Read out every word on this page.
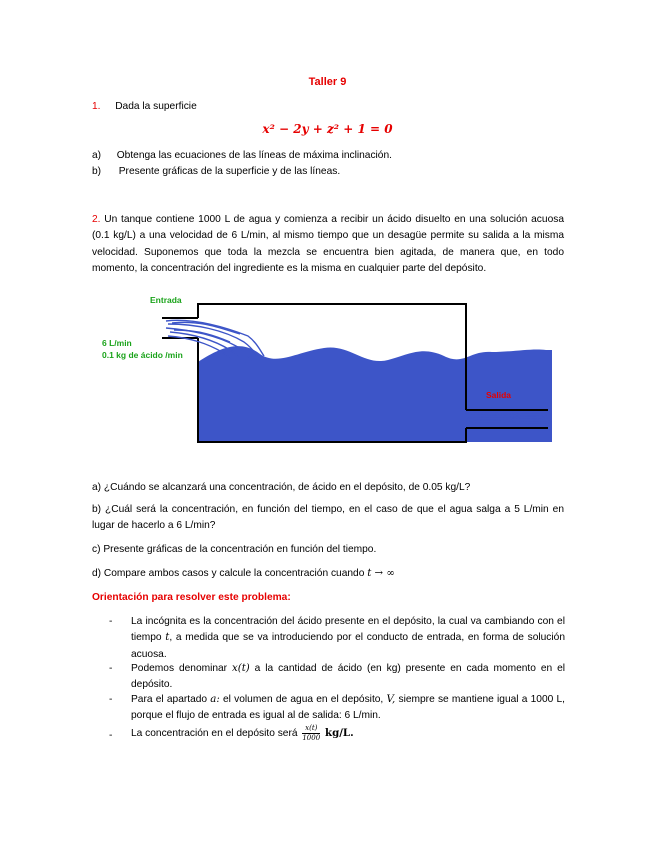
Taller 9
1. Dada la superficie
x² − 2y + z² + 1 = 0
a) Obtenga las ecuaciones de las líneas de máxima inclinación.
b) Presente gráficas de la superficie y de las líneas.
2. Un tanque contiene 1000 L de agua y comienza a recibir un ácido disuelto en una solución acuosa (0.1 kg/L) a una velocidad de 6 L/min, al mismo tiempo que un desagüe permite su salida a la misma velocidad. Suponemos que toda la mezcla se encuentra bien agitada, de manera que, en todo momento, la concentración del ingrediente es la misma en cualquier parte del depósito.
Entrada
6 L/min
0.1 kg de ácido /min
Salida
a) ¿Cuándo se alcanzará una concentración, de ácido en el depósito, de 0.05 kg/L?
b) ¿Cuál será la concentración, en función del tiempo, en el caso de que el agua salga a 5 L/min en lugar de hacerlo a 6 L/min?
c) Presente gráficas de la concentración en función del tiempo.
d) Compare ambos casos y calcule la concentración cuando t → ∞
Orientación para resolver este problema:
- La incógnita es la concentración del ácido presente en el depósito, la cual va cambiando con el tiempo t, a medida que se va introduciendo por el conducto de entrada, en forma de solución acuosa.
- Podemos denominar x(t) a la cantidad de ácido (en kg) presente en cada momento en el depósito.
- Para el apartado a: el volumen de agua en el depósito, V, siempre se mantiene igual a 1000 L, porque el flujo de entrada es igual al de salida: 6 L/min.
- La concentración en el depósito será $\frac{x(t)}{1000} kg/L$.
